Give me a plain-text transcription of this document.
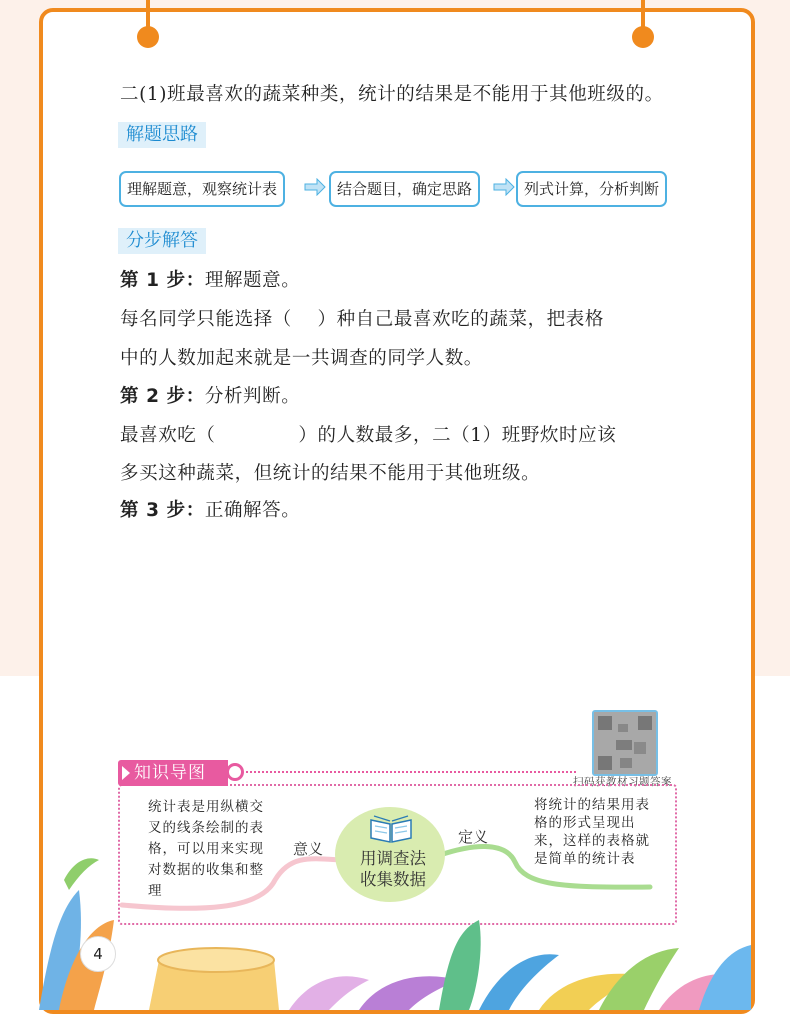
二(1)班最喜欢的蔬菜种类，统计的结果是不能用于其他班级的。
解题思路
理解题意，观察统计表	结合题目，确定思路	列式计算，分析判断
分步解答
第 1 步：理解题意。
每名同学只能选择（　 ）种自己最喜欢吃的蔬菜，把表格
中的人数加起来就是一共调查的同学人数。
第 2 步：分析判断。
最喜欢吃（　　　　 ）的人数最多，二（1）班野炊时应该
多买这种蔬菜，但统计的结果不能用于其他班级。
第 3 步：正确解答。
扫码获教材习题答案
知识导图
统计表是用纵横交叉的线条绘制的表格，可以用来实现对数据的收集和整理
意义	用调查法
收集数据
定义
将统计的结果用表格的形式呈现出来，这样的表格就是简单的统计表
4
